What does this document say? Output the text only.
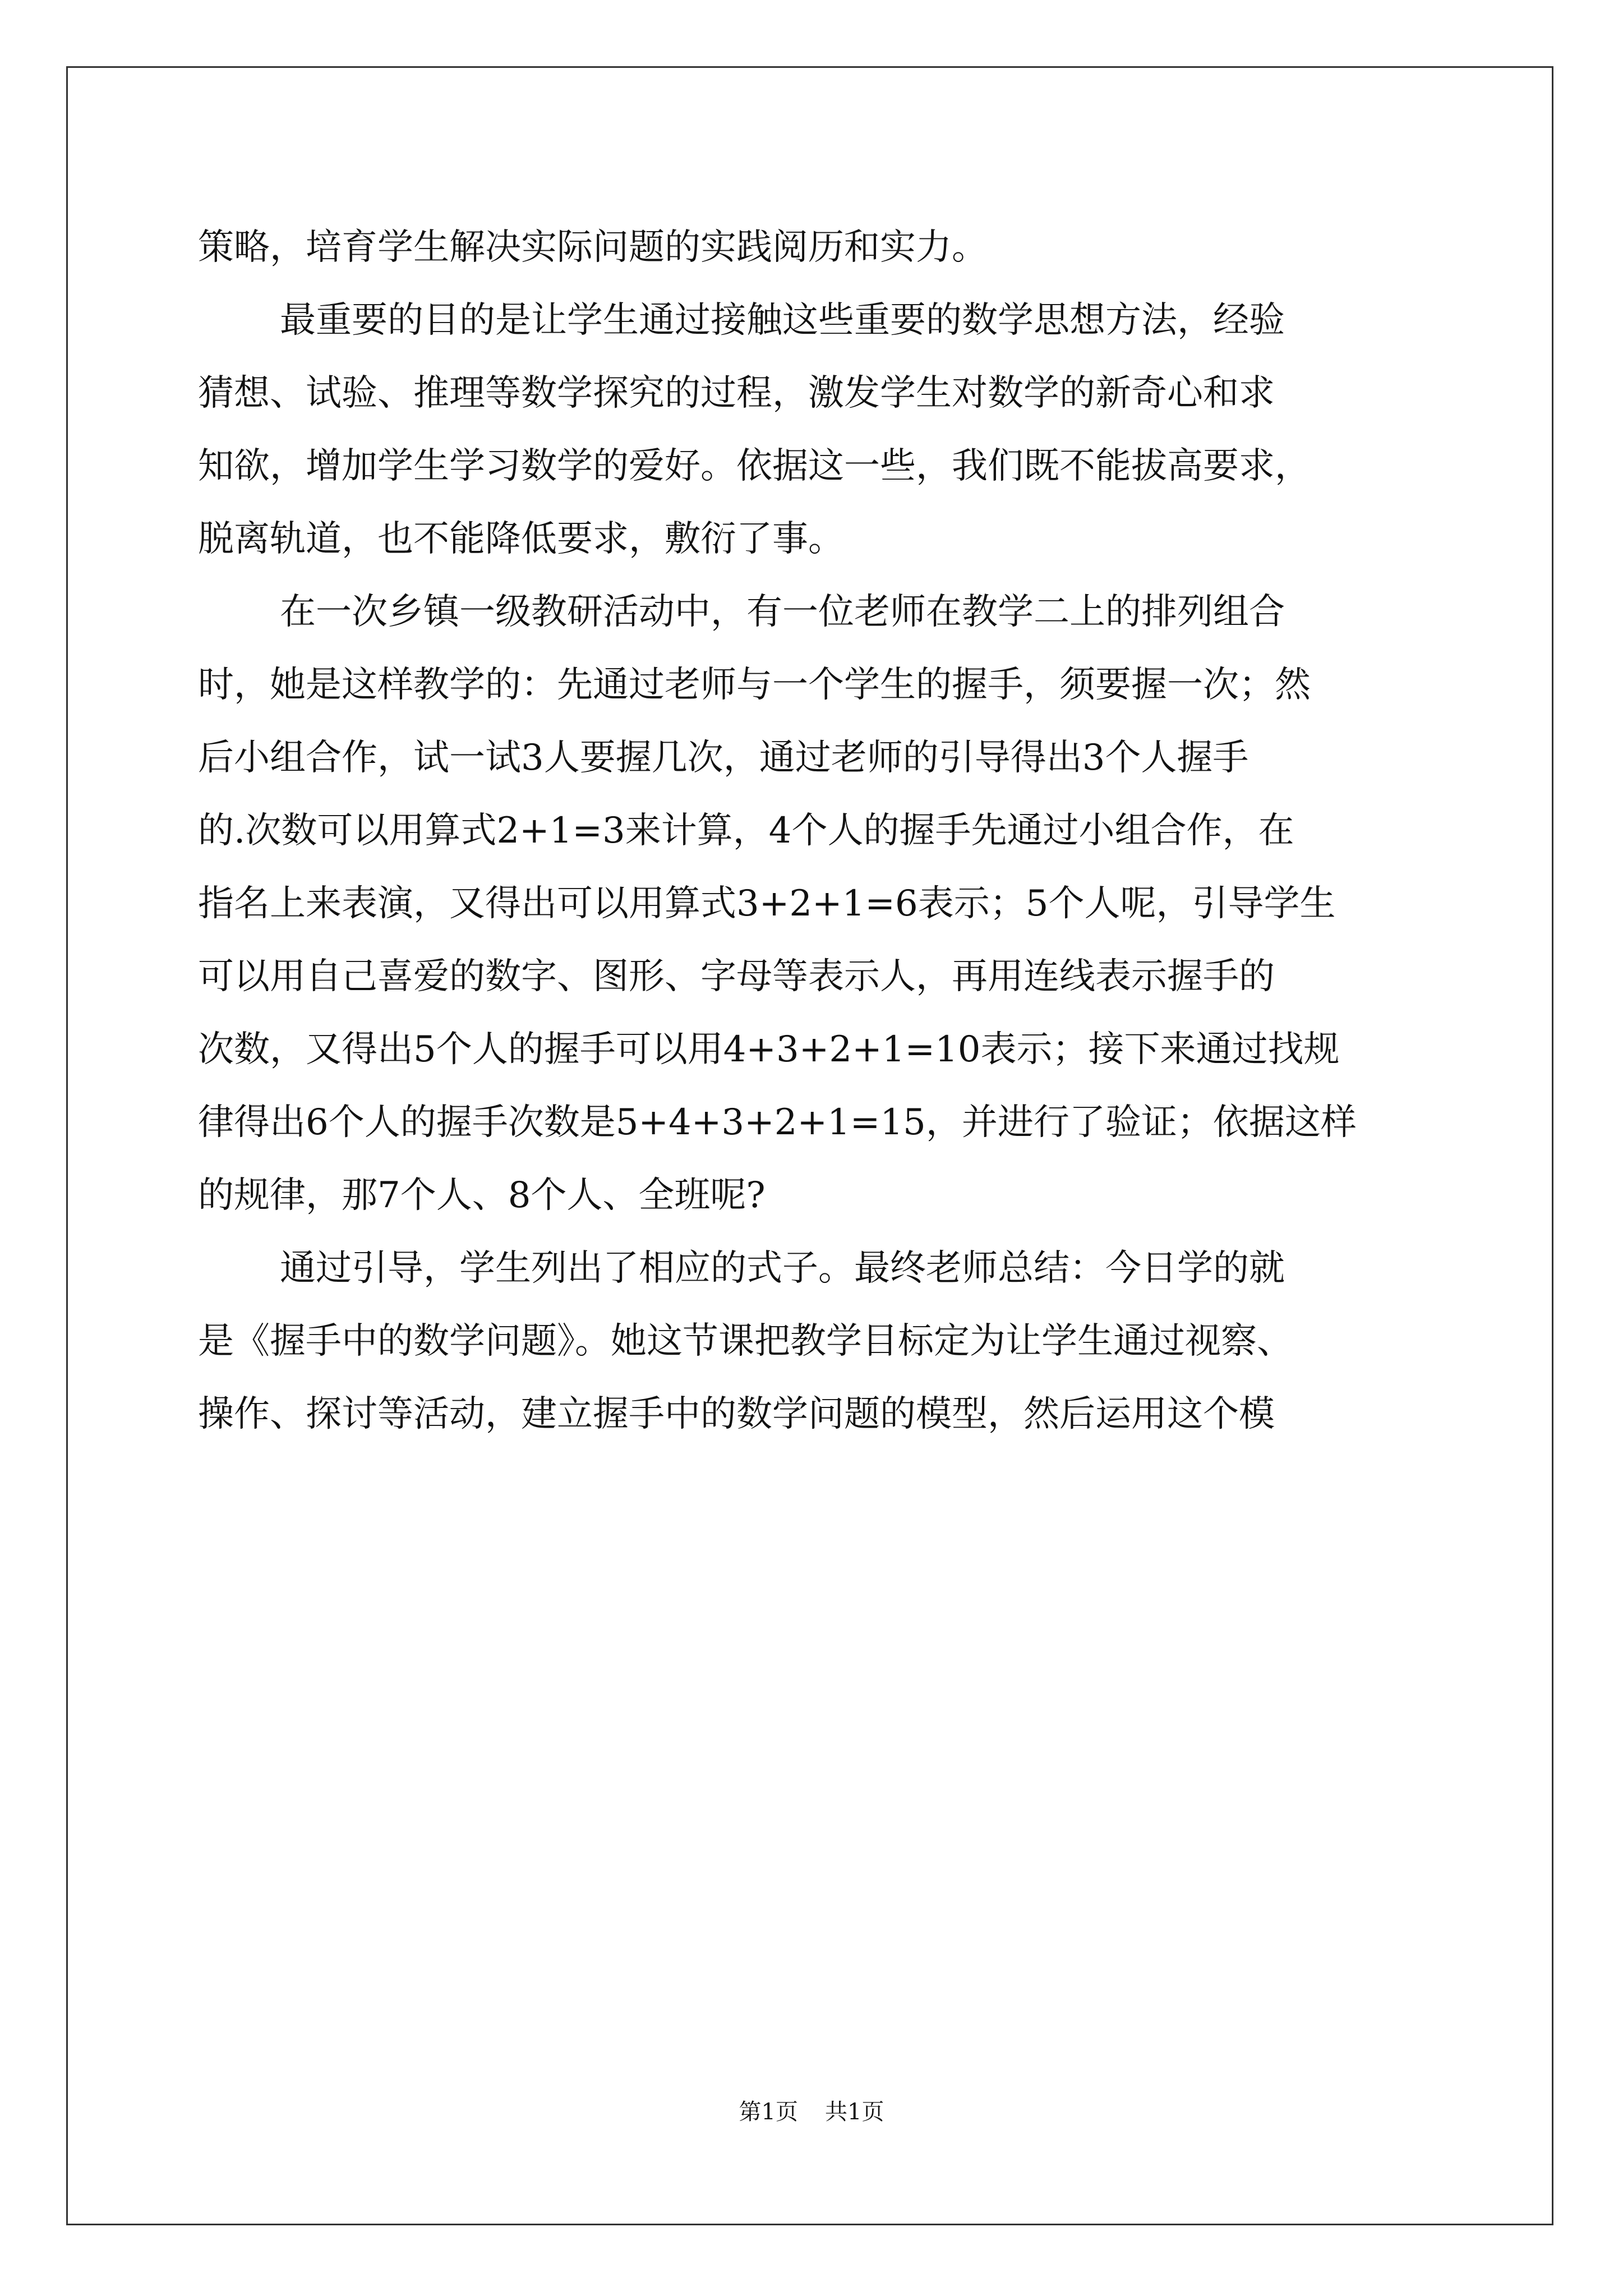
策略，培育学生解决实际问题的实践阅历和实力。
最重要的目的是让学生通过接触这些重要的数学思想方法，经验
猜想、试验、推理等数学探究的过程，激发学生对数学的新奇心和求
知欲，增加学生学习数学的爱好。依据这一些，我们既不能拔高要求，
脱离轨道，也不能降低要求，敷衍了事。
在一次乡镇一级教研活动中，有一位老师在教学二上的排列组合
时，她是这样教学的：先通过老师与一个学生的握手，须要握一次；然
后小组合作，试一试3人要握几次，通过老师的引导得出3个人握手
的.次数可以用算式2+1=3来计算，4个人的握手先通过小组合作，在
指名上来表演，又得出可以用算式3+2+1=6表示；5个人呢，引导学生
可以用自己喜爱的数字、图形、字母等表示人，再用连线表示握手的
次数，又得出5个人的握手可以用4+3+2+1=10表示；接下来通过找规
律得出6个人的握手次数是5+4+3+2+1=15，并进行了验证；依据这样
的规律，那7个人、8个人、全班呢?
通过引导，学生列出了相应的式子。最终老师总结：今日学的就
是《握手中的数学问题》。她这节课把教学目标定为让学生通过视察、
操作、探讨等活动，建立握手中的数学问题的模型，然后运用这个模
第1页 共1页
